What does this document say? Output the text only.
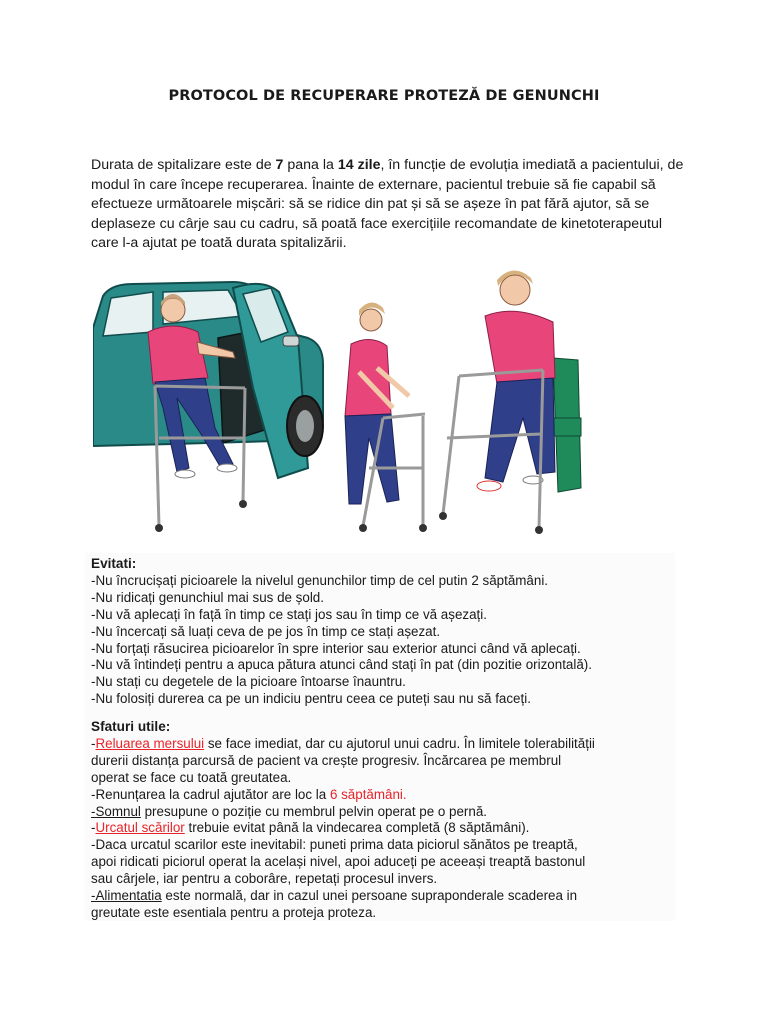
PROTOCOL DE RECUPERARE PROTEZĂ DE GENUNCHI
Durata de spitalizare este de 7 pana la 14 zile, în funcție de evoluția imediată a pacientului, de modul în care începe recuperarea. Înainte de externare, pacientul trebuie să fie capabil să efectueze următoarele mișcări: să se ridice din pat și să se așeze în pat fără ajutor, să se deplaseze cu cârje sau cu cadru, să poată face exercițiile recomandate de kinetoterapeutul care l-a ajutat pe toată durata spitalizării.
Evitati:
-Nu încrucișați picioarele la nivelul genunchilor timp de cel putin 2 săptămâni.
-Nu ridicați genunchiul mai sus de șold.
-Nu vă aplecați în față în timp ce stați jos sau în timp ce vă așezați.
-Nu încercați să luați ceva de pe jos în timp ce stați așezat.
-Nu forțați răsucirea picioarelor în spre interior sau exterior atunci când vă aplecați.
-Nu vă întindeți pentru a apuca pătura atunci când stați în pat (din pozitie orizontală).
-Nu stați cu degetele de la picioare întoarse înauntru.
-Nu folosiți durerea ca pe un indiciu pentru ceea ce puteți sau nu să faceți.
Sfaturi utile:
-Reluarea mersului se face imediat, dar cu ajutorul unui cadru. În limitele tolerabilității
durerii distanța parcursă de pacient va crește progresiv. Încărcarea pe membrul
operat se face cu toată greutatea.
-Renunțarea la cadrul ajutător are loc la 6 săptămâni.
-Somnul presupune o poziție cu membrul pelvin operat pe o pernă.
-Urcatul scărilor trebuie evitat până la vindecarea completă (8 săptămâni).
-Daca urcatul scarilor este inevitabil: puneti prima data piciorul sănătos pe treaptă,
apoi ridicati piciorul operat la același nivel, apoi aduceți pe aceeași treaptă bastonul
sau cârjele, iar pentru a coborâre, repetați procesul invers.
-Alimentatia este normală, dar in cazul unei persoane supraponderale scaderea in
greutate este esentiala pentru a proteja proteza.
